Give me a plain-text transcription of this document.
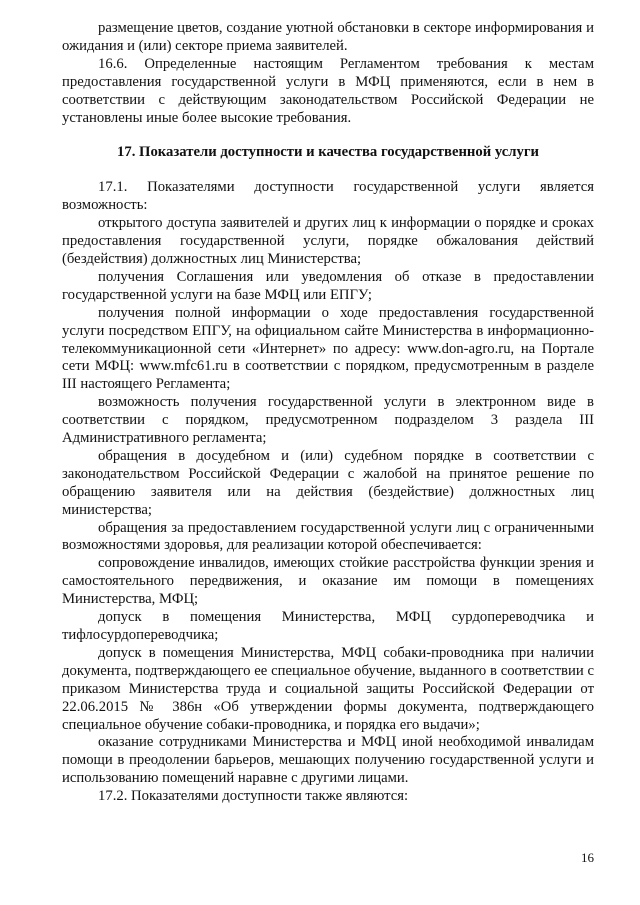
размещение цветов, создание уютной обстановки в секторе информирования и ожидания и (или) секторе приема заявителей.

16.6. Определенные настоящим Регламентом требования к местам предоставления государственной услуги в МФЦ применяются, если в нем в соответствии с действующим законодательством Российской Федерации не установлены иные более высокие требования.

17. Показатели доступности и качества государственной услуги

17.1. Показателями доступности государственной услуги является возможность:

открытого доступа заявителей и других лиц к информации о порядке и сроках предоставления государственной услуги, порядке обжалования действий (бездействия) должностных лиц Министерства;

получения Соглашения или уведомления об отказе в предоставлении государственной услуги на базе МФЦ или ЕПГУ;

получения полной информации о ходе предоставления государственной услуги посредством ЕПГУ, на официальном сайте Министерства в информационно-телекоммуникационной сети «Интернет» по адресу: www.don-agro.ru, на Портале сети МФЦ: www.mfc61.ru в соответствии с порядком, предусмотренным в разделе III настоящего Регламента;

возможность получения государственной услуги в электронном виде в соответствии с порядком, предусмотренном подразделом 3 раздела III Административного регламента;

обращения в досудебном и (или) судебном порядке в соответствии с законодательством Российской Федерации с жалобой на принятое решение по обращению заявителя или на действия (бездействие) должностных лиц министерства;

обращения за предоставлением государственной услуги лиц с ограниченными возможностями здоровья, для реализации которой обеспечивается:

сопровождение инвалидов, имеющих стойкие расстройства функции зрения и самостоятельного передвижения, и оказание им помощи в помещениях Министерства, МФЦ;

допуск в помещения Министерства, МФЦ сурдопереводчика и тифлосурдопереводчика;

допуск в помещения Министерства, МФЦ собаки-проводника при наличии документа, подтверждающего ее специальное обучение, выданного в соответствии с приказом Министерства труда и социальной защиты Российской Федерации от 22.06.2015 № 386н «Об утверждении формы документа, подтверждающего специальное обучение собаки-проводника, и порядка его выдачи»;

оказание сотрудниками Министерства и МФЦ иной необходимой инвалидам помощи в преодолении барьеров, мешающих получению государственной услуги и использованию помещений наравне с другими лицами.

17.2. Показателями доступности также являются:

16
